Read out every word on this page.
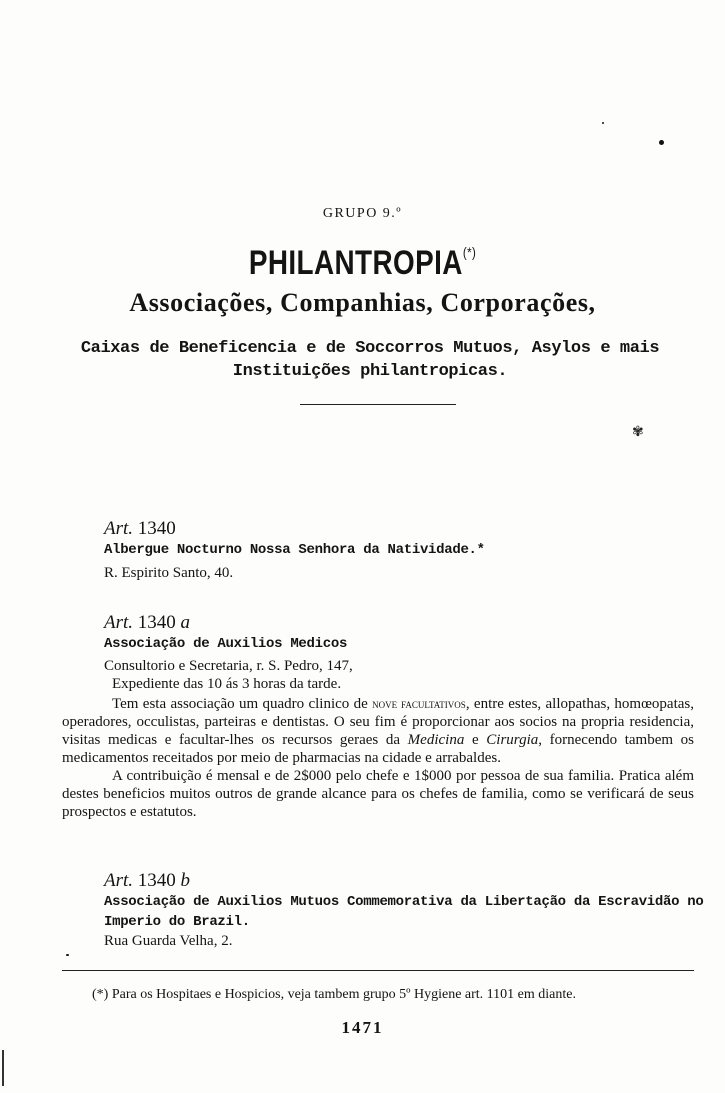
GRUPO 9.º
PHILANTROPIA(*)
Associações, Companhias, Corporações,
Caixas de Beneficencia e de Soccorros Mutuos, Asylos e mais Instituições philantropicas.
✾
Art. 1340
Albergue Nocturno Nossa Senhora da Natividade.*
R. Espirito Santo, 40.
Art. 1340 a
Associação de Auxilios Medicos
Consultorio e Secretaria, r. S. Pedro, 147,
Expediente das 10 ás 3 horas da tarde.

Tem esta associação um quadro clinico de nove facultativos, entre estes, allopathas, homœopatas, operadores, occulistas, parteiras e dentistas. O seu fim é proporcionar aos socios na propria residencia, visitas medicas e facultar-lhes os recursos geraes da Medicina e Cirurgia, fornecendo tambem os medicamentos receitados por meio de pharmacias na cidade e arrabaldes.

A contribuição é mensal e de 2$000 pelo chefe e 1$000 por pessoa de sua familia. Pratica além destes beneficios muitos outros de grande alcance para os chefes de familia, como se verificará de seus prospectos e estatutos.

Art. 1340 b
Associação de Auxilios Mutuos Commemorativa da Libertação da Escravidão no Imperio do Brazil.
Rua Guarda Velha, 2.

(*) Para os Hospitaes e Hospicios, veja tambem grupo 5º Hygiene art. 1101 em diante.

1471
